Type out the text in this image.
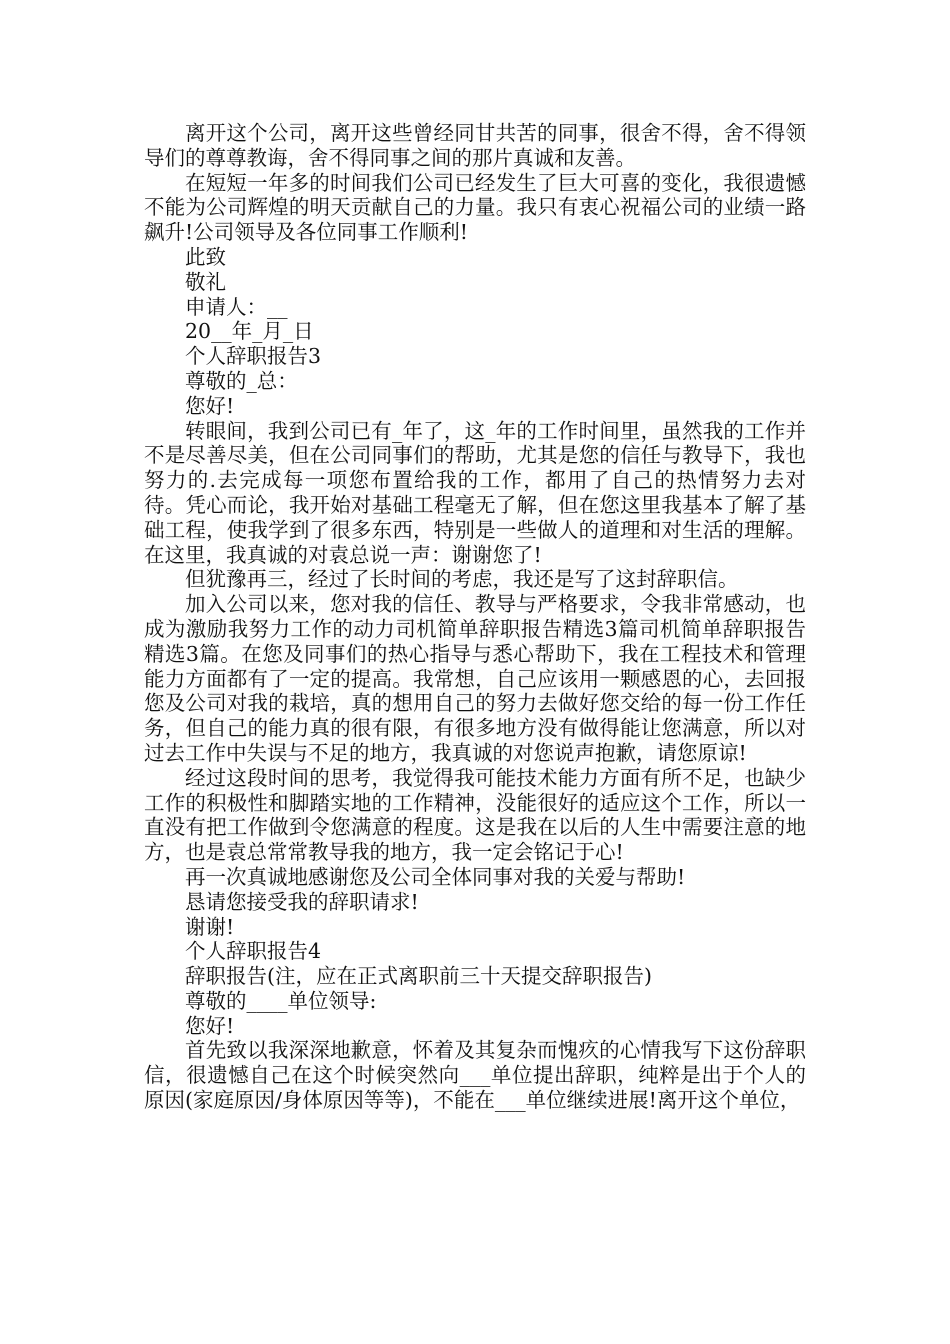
离开这个公司，离开这些曾经同甘共苦的同事，很舍不得，舍不得领导们的尊尊教诲，舍不得同事之间的那片真诚和友善。

在短短一年多的时间我们公司已经发生了巨大可喜的变化，我很遗憾不能为公司辉煌的明天贡献自己的力量。我只有衷心祝福公司的业绩一路飙升!公司领导及各位同事工作顺利!

此致

敬礼

申请人：__

20__年_月_日

个人辞职报告3

尊敬的_总：

您好!

转眼间，我到公司已有_年了，这_年的工作时间里，虽然我的工作并不是尽善尽美，但在公司同事们的帮助，尤其是您的信任与教导下，我也努力的.去完成每一项您布置给我的工作，都用了自己的热情努力去对待。凭心而论，我开始对基础工程毫无了解，但在您这里我基本了解了基础工程，使我学到了很多东西，特别是一些做人的道理和对生活的理解。在这里，我真诚的对袁总说一声：谢谢您了!

但犹豫再三，经过了长时间的考虑，我还是写了这封辞职信。

加入公司以来，您对我的信任、教导与严格要求，令我非常感动，也成为激励我努力工作的动力司机简单辞职报告精选3篇司机简单辞职报告精选3篇。在您及同事们的热心指导与悉心帮助下，我在工程技术和管理能力方面都有了一定的提高。我常想，自己应该用一颗感恩的心，去回报您及公司对我的栽培，真的想用自己的努力去做好您交给的每一份工作任务，但自己的能力真的很有限，有很多地方没有做得能让您满意，所以对过去工作中失误与不足的地方，我真诚的对您说声抱歉，请您原谅!

经过这段时间的思考，我觉得我可能技术能力方面有所不足，也缺少工作的积极性和脚踏实地的工作精神，没能很好的适应这个工作，所以一直没有把工作做到令您满意的程度。这是我在以后的人生中需要注意的地方，也是袁总常常教导我的地方，我一定会铭记于心!

再一次真诚地感谢您及公司全体同事对我的关爱与帮助!

恳请您接受我的辞职请求!

谢谢!

个人辞职报告4

辞职报告(注，应在正式离职前三十天提交辞职报告)

尊敬的____单位领导:

您好!

首先致以我深深地歉意，怀着及其复杂而愧疚的心情我写下这份辞职信，很遗憾自己在这个时候突然向___单位提出辞职，纯粹是出于个人的原因(家庭原因/身体原因等等)，不能在___单位继续进展!离开这个单位，
